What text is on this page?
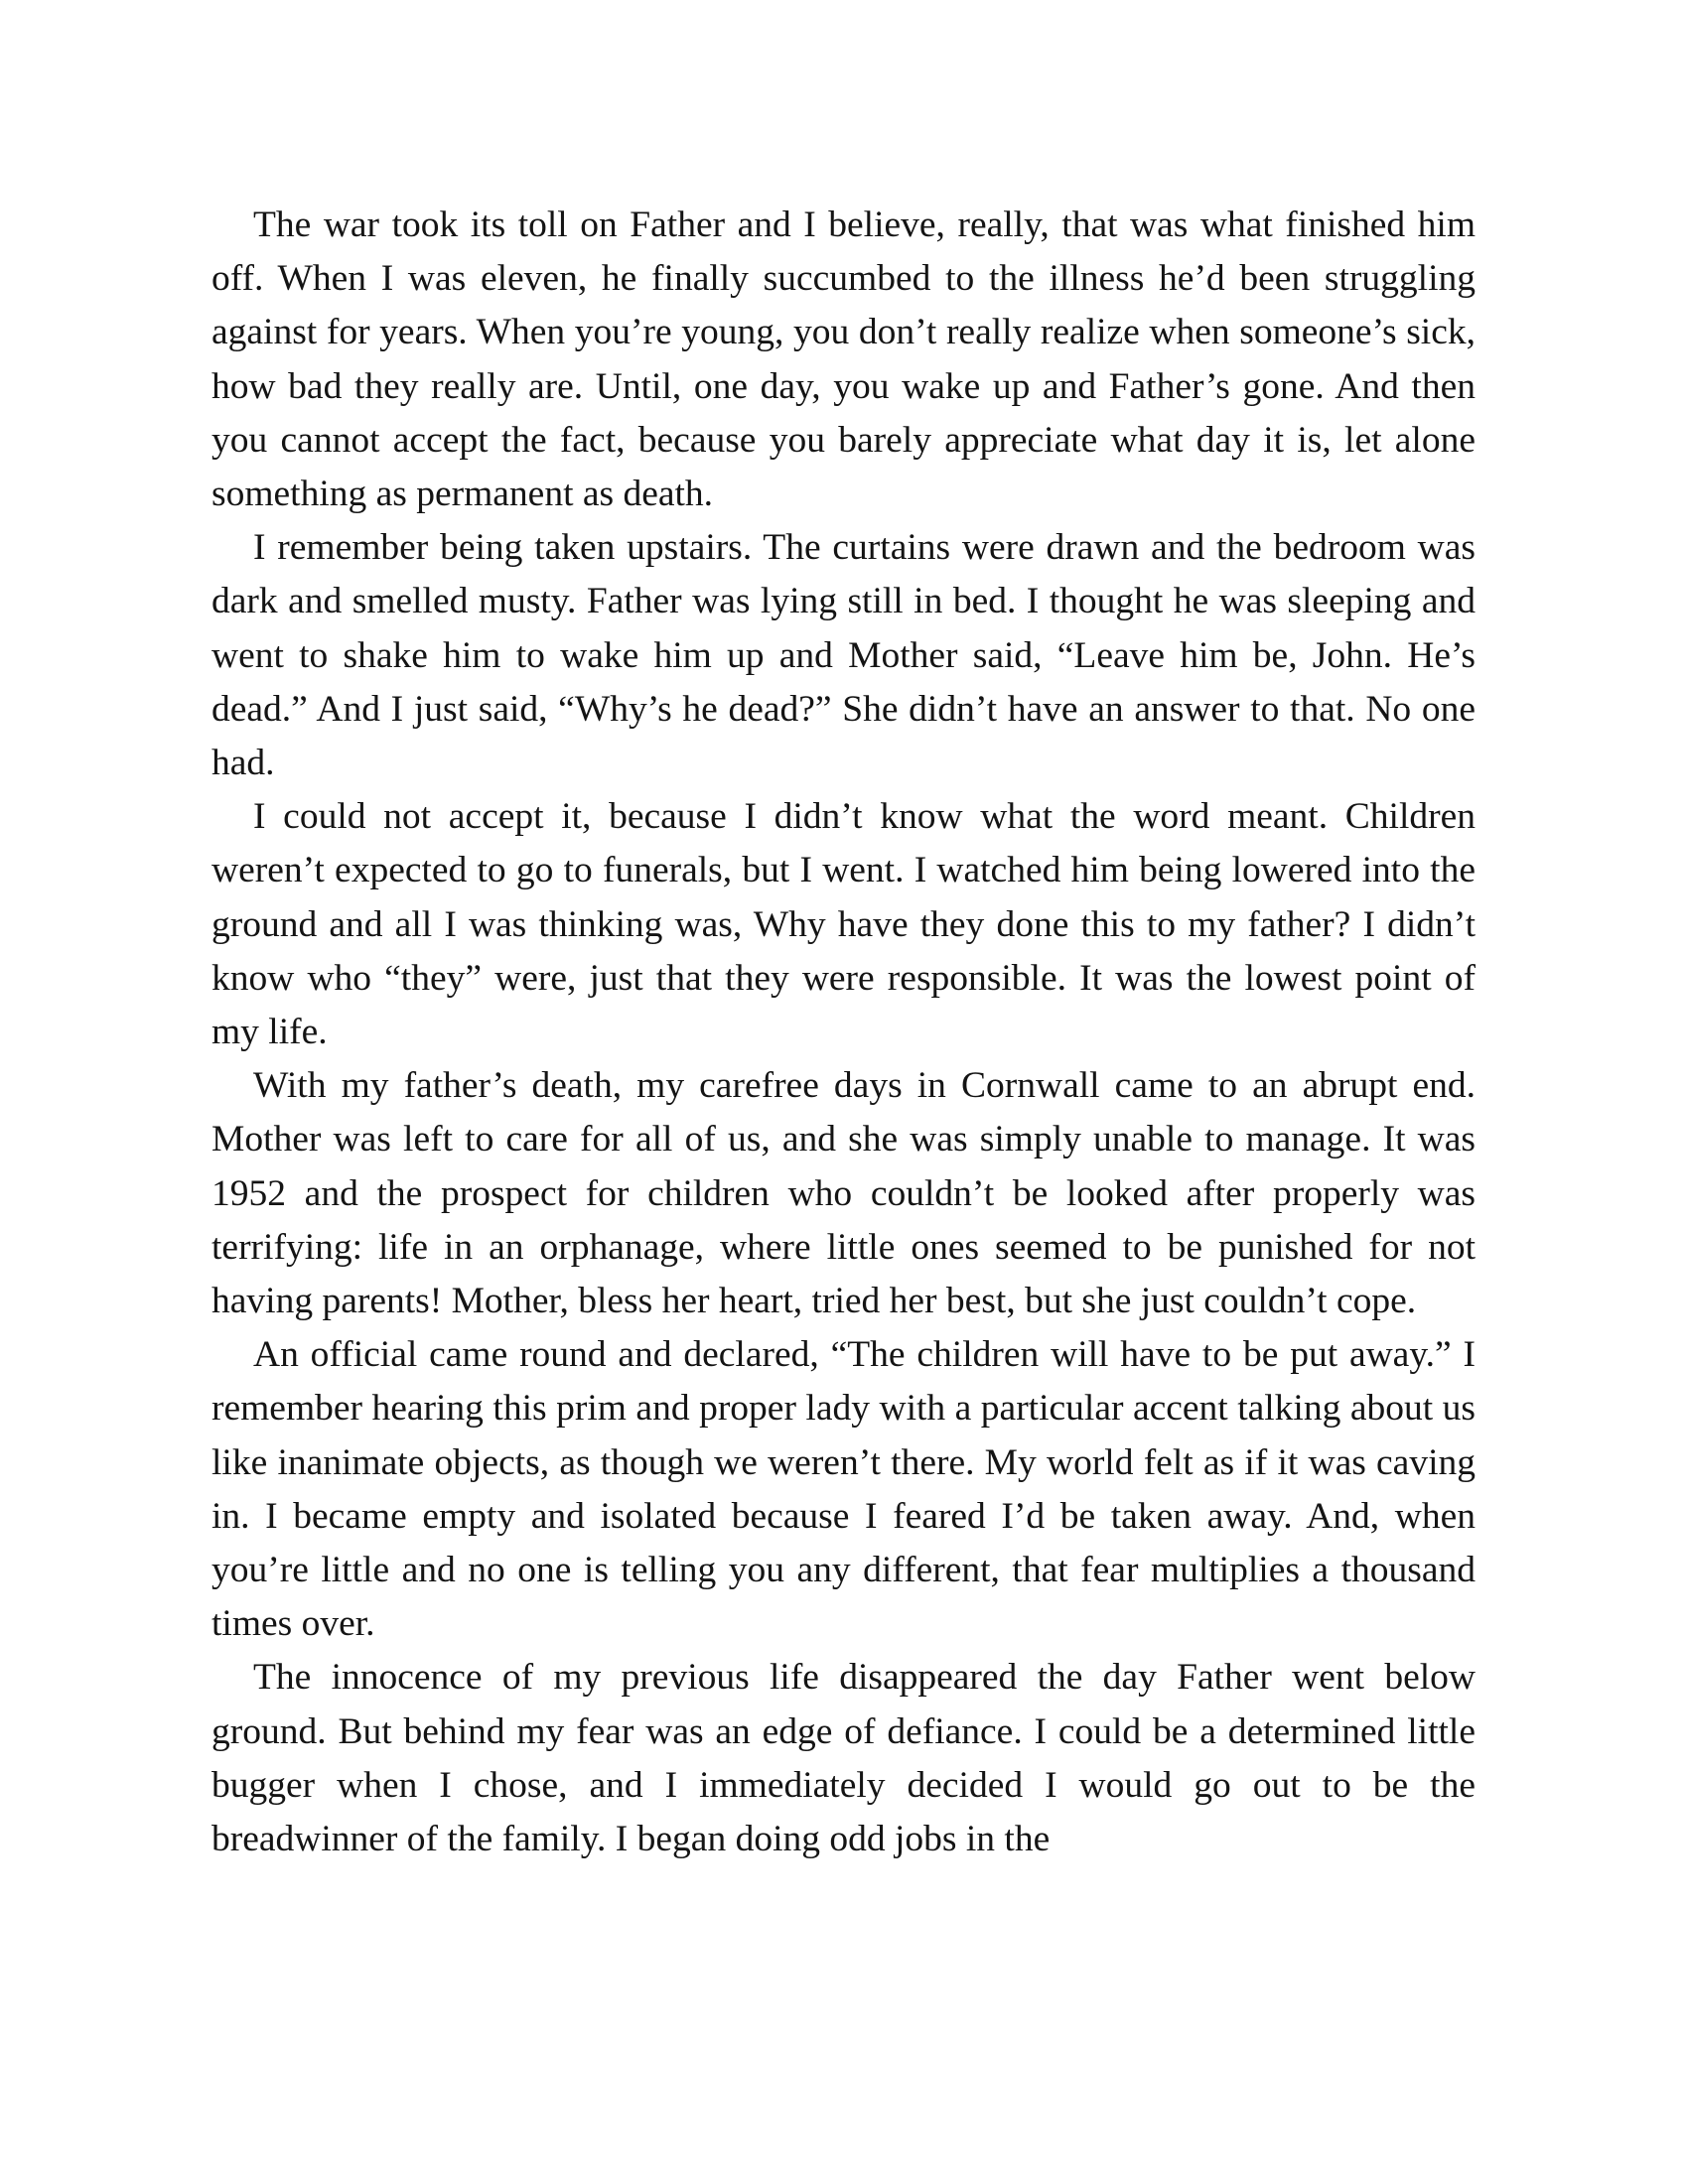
The war took its toll on Father and I believe, really, that was what finished him off. When I was eleven, he finally succumbed to the illness he’d been struggling against for years. When you’re young, you don’t really realize when someone’s sick, how bad they really are. Until, one day, you wake up and Father’s gone. And then you cannot accept the fact, because you barely appreciate what day it is, let alone something as permanent as death.

I remember being taken upstairs. The curtains were drawn and the bedroom was dark and smelled musty. Father was lying still in bed. I thought he was sleeping and went to shake him to wake him up and Mother said, “Leave him be, John. He’s dead.” And I just said, “Why’s he dead?” She didn’t have an answer to that. No one had.

I could not accept it, because I didn’t know what the word meant. Children weren’t expected to go to funerals, but I went. I watched him being lowered into the ground and all I was thinking was, Why have they done this to my father? I didn’t know who “they” were, just that they were responsible. It was the lowest point of my life.

With my father’s death, my carefree days in Cornwall came to an abrupt end. Mother was left to care for all of us, and she was simply unable to manage. It was 1952 and the prospect for children who couldn’t be looked after properly was terrifying: life in an orphanage, where little ones seemed to be punished for not having parents! Mother, bless her heart, tried her best, but she just couldn’t cope.

An official came round and declared, “The children will have to be put away.” I remember hearing this prim and proper lady with a particular accent talking about us like inanimate objects, as though we weren’t there. My world felt as if it was caving in. I became empty and isolated because I feared I’d be taken away. And, when you’re little and no one is telling you any different, that fear multiplies a thousand times over.

The innocence of my previous life disappeared the day Father went below ground. But behind my fear was an edge of defiance. I could be a determined little bugger when I chose, and I immediately decided I would go out to be the breadwinner of the family. I began doing odd jobs in the
